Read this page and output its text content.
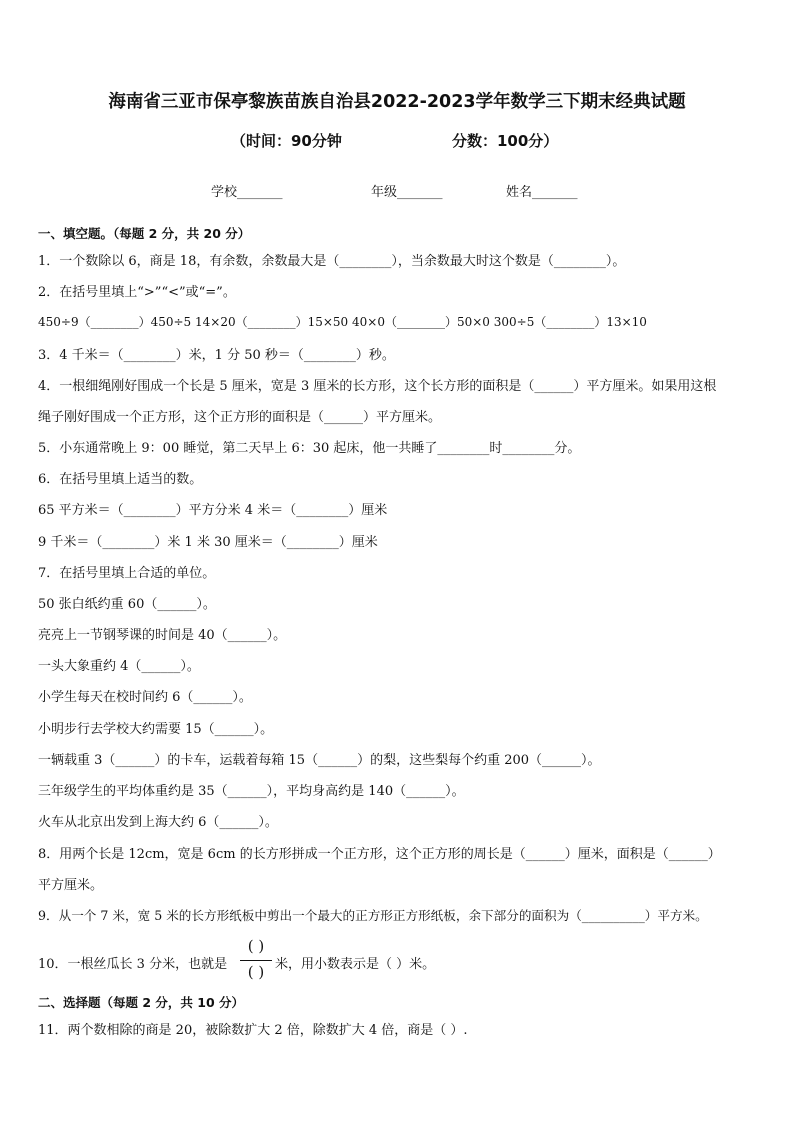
海南省三亚市保亭黎族苗族自治县2022-2023学年数学三下期末经典试题
（时间：90分钟	分数：100分）
学校_______	年级_______	姓名_______
一、填空题。（每题 2 分，共 20 分）
1．一个数除以 6，商是 18，有余数，余数最大是（________），当余数最大时这个数是（________）。
2．在括号里填上“>”“<”或“=”。
450÷9（________）450÷5 14×20（________）15×50 40×0（________）50×0 300÷5（________）13×10
3．4 千米＝（________）米，1 分 50 秒＝（________）秒。
4．一根细绳刚好围成一个长是 5 厘米，宽是 3 厘米的长方形，这个长方形的面积是（______）平方厘米。如果用这根
绳子刚好围成一个正方形，这个正方形的面积是（______）平方厘米。
5．小东通常晚上 9：00 睡觉，第二天早上 6：30 起床，他一共睡了________时________分。
6．在括号里填上适当的数。
65 平方米＝（________）平方分米 4 米＝（________）厘米
9 千米＝（________）米 1 米 30 厘米＝（________）厘米
7．在括号里填上合适的单位。
50 张白纸约重 60（______）。
亮亮上一节钢琴课的时间是 40（______）。
一头大象重约 4（______）。
小学生每天在校时间约 6（______）。
小明步行去学校大约需要 15（______）。
一辆载重 3（______）的卡车，运载着每箱 15（______）的梨，这些梨每个约重 200（______）。
三年级学生的平均体重约是 35（______），平均身高约是 140（______）。
火车从北京出发到上海大约 6（______）。
8．用两个长是 12cm，宽是 6cm 的长方形拼成一个正方形，这个正方形的周长是（______）厘米，面积是（______）
平方厘米。
9．从一个 7 米，宽 5 米的长方形纸板中剪出一个最大的正方形正方形纸板，余下部分的面积为（__________）平方米。
10．一根丝瓜长 3 分米，也就是
( )
( ) 米，用小数表示是（ ）米。
二、选择题（每题 2 分，共 10 分）
11．两个数相除的商是 20，被除数扩大 2 倍，除数扩大 4 倍，商是（ ）.
